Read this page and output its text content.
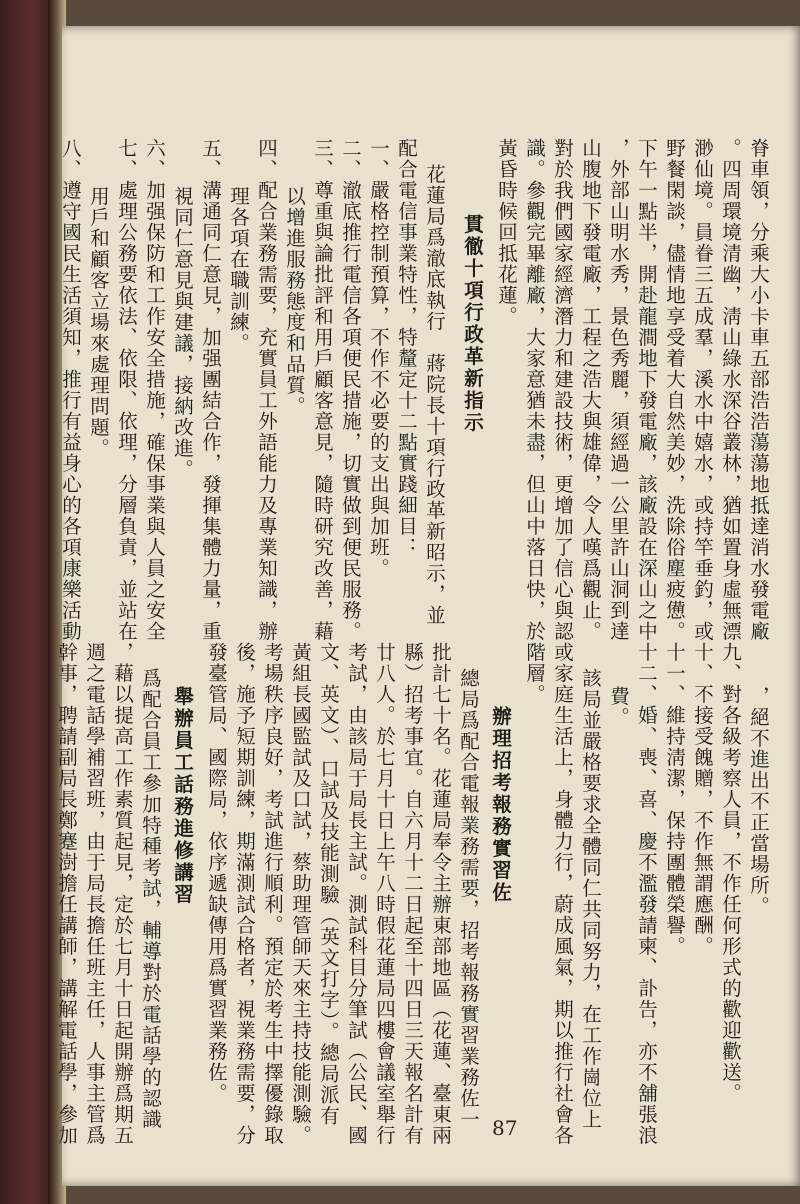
脊車領，分乘大小卡車五部浩浩蕩蕩地抵達消水發電廠
。四周環境清幽，淸山綠水深谷叢林，猶如置身虛無漂
渺仙境。員眷三五成羣，溪水中嬉水，或持竿垂釣，或
野餐閑談，儘情地享受着大自然美妙，洗除俗塵疲憊。
下午一點半，開赴龍澗地下發電廠，該廠設在深山之中
，外部山明水秀，景色秀麗，須經過一公里許山洞到達
山腹地下發電廠，工程之浩大與雄偉，令人嘆爲觀止。
對於我們國家經濟潛力和建設技術，更增加了信心與認
識。參觀完畢離廠，大家意猶未盡，但山中落日快，於
黃昏時候回抵花蓮。
貫徹十項行政革新指示
花蓮局爲澈底執行　蔣院長十項行政革新昭示，並
配合電信事業特性，特釐定十二點實踐細目：
一、嚴格控制預算，不作不必要的支出與加班。
二、澈底推行電信各項便民措施，切實做到便民服務。
三、尊重與論批評和用戶顧客意見，隨時研究改善，藉
以增進服務態度和品質。
四、配合業務需要，充實員工外語能力及專業知識，辦
理各項在職訓練。
五、溝通同仁意見，加强團結合作，發揮集體力量，重
視同仁意見與建議，接納改進。
六、加强保防和工作安全措施，確保事業與人員之安全
七、處理公務要依法、依限、依理，分層負責，並站在
用戶和顧客立場來處理問題。
八、遵守國民生活須知，推行有益身心的各項康樂活動
，絕不進出不正當場所。
九、對各級考察人員，不作任何形式的歡迎歡送。
十、不接受餽贈，不作無謂應酬。
十一、維持淸潔，保持團體榮譽。
十二、婚、喪、喜、慶不濫發請柬、訃告，亦不舖張浪
費。
該局並嚴格要求全體同仁共同努力，在工作崗位上
或家庭生活上，身體力行，蔚成風氣，期以推行社會各
階層。
辦理招考報務實習佐
總局爲配合電報業務需要，招考報務實習業務佐一
批計七十名。花蓮局奉令主辦東部地區（花蓮、臺東兩
縣）招考事宜。自六月十二日起至十四日三天報名計有
廿八人。於七月十日上午八時假花蓮局四樓會議室舉行
考試，由該局于局長主試。測試科目分筆試（公民、國
文、英文）、口試及技能測驗（英文打字）。總局派有
黃組長國監試及口試，蔡助理管師天來主持技能測驗。
考場秩序良好，考試進行順利。預定於考生中擇優錄取
後，施予短期訓練，期滿測試合格者，視業務需要，分
發臺管局、國際局，依序遞缺傳用爲實習業務佐。
舉辦員工話務進修講習
爲配合員工參加特種考試，輔導對於電話學的認識
，藉以提高工作素質起見，定於七月十日起開辦爲期五
週之電話學補習班，由于局長擔任班主任，人事主管爲
幹事，聘請副局長鄭蹇澍擔任講師，講解電話學，參加	87
